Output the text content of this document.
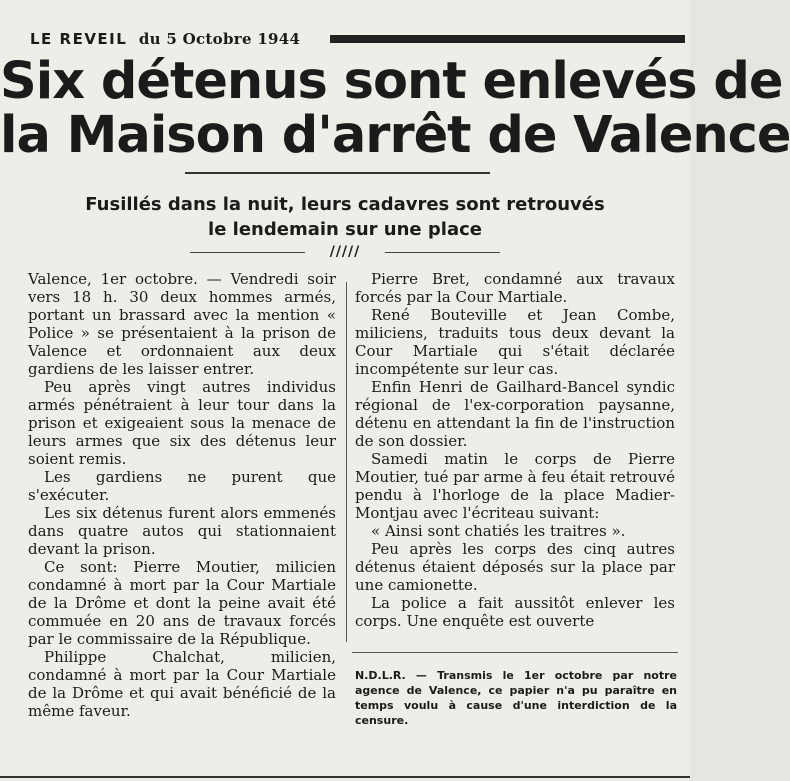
LE REVEIL du 5 Octobre 1944
Six détenus sont enlevés de
la Maison d'arrêt de Valence
Fusillés dans la nuit, leurs cadavres sont retrouvés
le lendemain sur une place
/////

Valence, 1er octobre. — Vendredi soir vers 18 h. 30 deux hommes armés, portant un brassard avec la mention « Police » se présentaient à la prison de Valence et ordonnaient aux deux gardiens de les laisser entrer.

Peu après vingt autres individus armés pénétraient à leur tour dans la prison et exigeaient sous la menace de leurs armes que six des détenus leur soient remis.

Les gardiens ne purent que s'exécuter.

Les six détenus furent alors emmenés dans quatre autos qui stationnaient devant la prison.

Ce sont: Pierre Moutier, milicien condamné à mort par la Cour Martiale de la Drôme et dont la peine avait été commuée en 20 ans de travaux forcés par le commissaire de la République.

Philippe Chalchat, milicien, condamné à mort par la Cour Martiale de la Drôme et qui avait bénéficié de la même faveur.

Pierre Bret, condamné aux travaux forcés par la Cour Martiale.

René Bouteville et Jean Combe, miliciens, traduits tous deux devant la Cour Martiale qui s'était déclarée incompétente sur leur cas.

Enfin Henri de Gailhard-Bancel syndic régional de l'ex-corporation paysanne, détenu en attendant la fin de l'instruction de son dossier.

Samedi matin le corps de Pierre Moutier, tué par arme à feu était retrouvé pendu à l'horloge de la place Madier-Montjau avec l'écriteau suivant:

« Ainsi sont chatiés les traitres ».

Peu après les corps des cinq autres détenus étaient déposés sur la place par une camionette.

La police a fait aussitôt enlever les corps. Une enquête est ouverte

N.D.L.R. — Transmis le 1er octobre par notre agence de Valence, ce papier n'a pu paraître en temps voulu à cause d'une interdiction de la censure.
